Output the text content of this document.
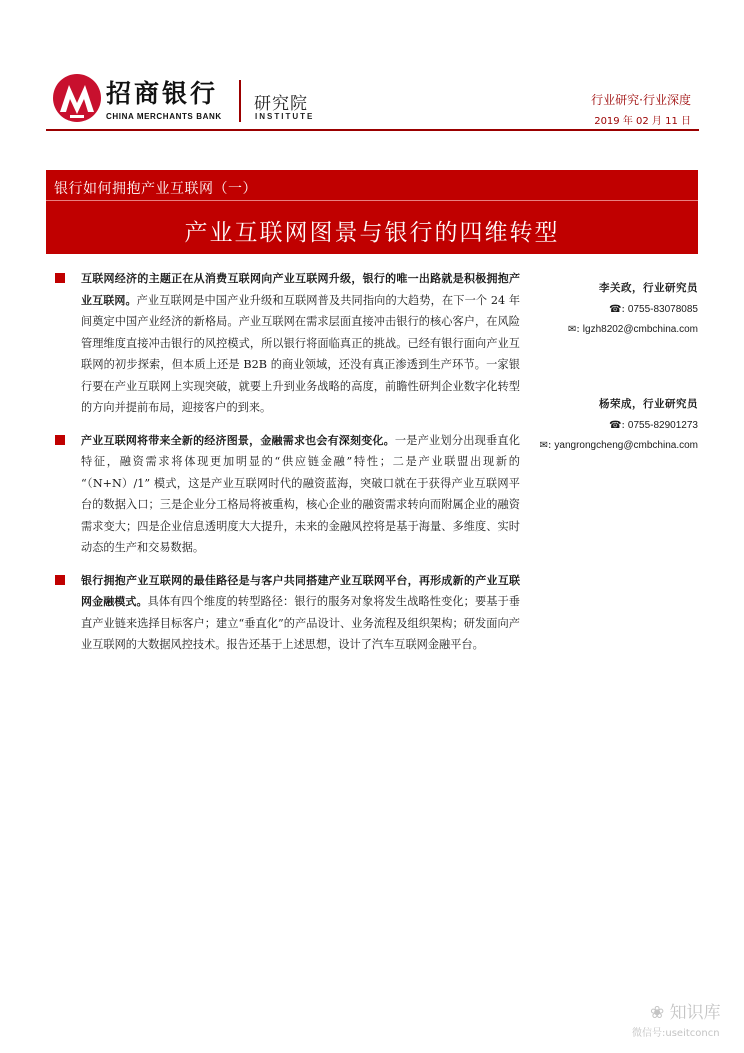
招商银行
CHINA MERCHANTS BANK
研究院
INSTITUTE
行业研究·行业深度
2019 年 02 月 11 日
银行如何拥抱产业互联网（一）
产业互联网图景与银行的四维转型

互联网经济的主题正在从消费互联网向产业互联网升级，银行的唯一出路就是积极拥抱产业互联网。产业互联网是中国产业升级和互联网普及共同指向的大趋势，在下一个 24 年间奠定中国产业经济的新格局。产业互联网在需求层面直接冲击银行的核心客户，在风险管理维度直接冲击银行的风控模式，所以银行将面临真正的挑战。已经有银行面向产业互联网的初步探索，但本质上还是 B2B 的商业领域，还没有真正渗透到生产环节。一家银行要在产业互联网上实现突破，就要上升到业务战略的高度，前瞻性研判企业数字化转型的方向并提前布局，迎接客户的到来。

产业互联网将带来全新的经济图景，金融需求也会有深刻变化。一是产业划分出现垂直化特征，融资需求将体现更加明显的“供应链金融”特性；二是产业联盟出现新的 “（N+N）/1” 模式，这是产业互联网时代的融资蓝海，突破口就在于获得产业互联网平台的数据入口；三是企业分工格局将被重构，核心企业的融资需求转向而附属企业的融资需求变大；四是企业信息透明度大大提升，未来的金融风控将是基于海量、多维度、实时动态的生产和交易数据。

银行拥抱产业互联网的最佳路径是与客户共同搭建产业互联网平台，再形成新的产业互联网金融模式。具体有四个维度的转型路径：银行的服务对象将发生战略性变化；要基于垂直产业链来选择目标客户；建立“垂直化”的产品设计、业务流程及组织架构；研发面向产业互联网的大数据风控技术。报告还基于上述思想，设计了汽车互联网金融平台。

李关政，行业研究员
☎: 0755-83078085
✉: lgzh8202@cmbchina.com
杨荣成，行业研究员
☎: 0755-82901273
✉: yangrongcheng@cmbchina.com
❀ 知识库
微信号:useitconcn
